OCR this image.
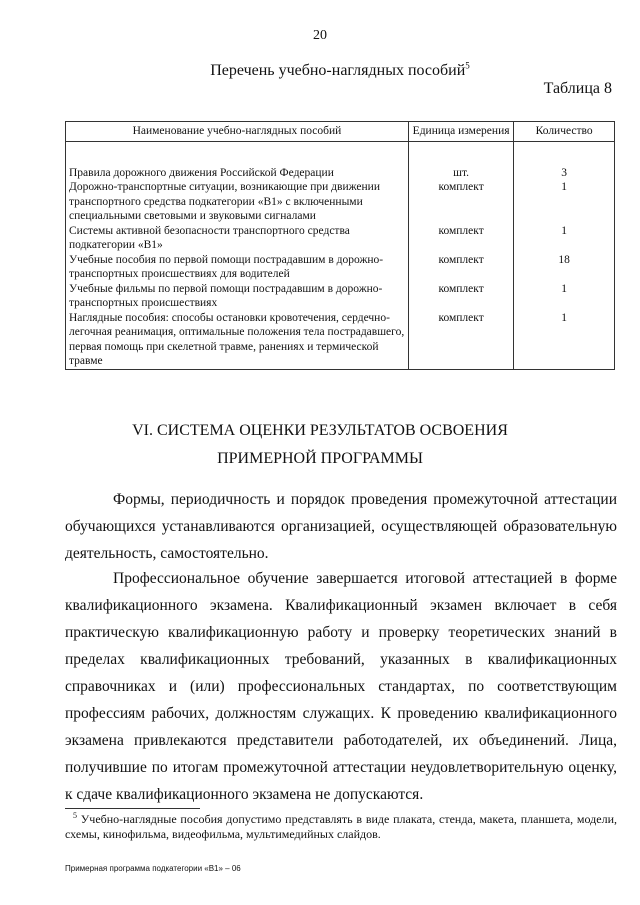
20
Перечень учебно-наглядных пособий$^5$
Таблица 8
Наименование учебно-наглядных пособий	Единица измерения	Количество
Правила дорожного движения Российской Федерации	шт.	3
Дорожно-транспортные ситуации, возникающие при движении транспортного средства подкатегории «В1» с включенными специальными световыми и звуковыми сигналами	комплект	1
Системы активной безопасности транспортного средства подкатегории «В1»	комплект	1
Учебные пособия по первой помощи пострадавшим в дорожно-транспортных происшествиях для водителей	комплект	18
Учебные фильмы по первой помощи пострадавшим в дорожно-транспортных происшествиях	комплект	1
Наглядные пособия: способы остановки кровотечения, сердечно-легочная реанимация, оптимальные положения тела пострадавшего, первая помощь при скелетной травме, ранениях и термической травме	комплект	1
VI. СИСТЕМА ОЦЕНКИ РЕЗУЛЬТАТОВ ОСВОЕНИЯ
ПРИМЕРНОЙ ПРОГРАММЫ

Формы, периодичность и порядок проведения промежуточной аттестации обучающихся устанавливаются организацией, осуществляющей образовательную деятельность, самостоятельно.

Профессиональное обучение завершается итоговой аттестацией в форме квалификационного экзамена. Квалификационный экзамен включает в себя практическую квалификационную работу и проверку теоретических знаний в пределах квалификационных требований, указанных в квалификационных справочниках и (или) профессиональных стандартах, по соответствующим профессиям рабочих, должностям служащих. К проведению квалификационного экзамена привлекаются представители работодателей, их объединений. Лица, получившие по итогам промежуточной аттестации неудовлетворительную оценку, к сдаче квалификационного экзамена не допускаются.

$^5$ Учебно-наглядные пособия допустимо представлять в виде плаката, стенда, макета, планшета, модели, схемы, кинофильма, видеофильма, мультимедийных слайдов.

Примерная программа подкатегории «В1» – 06
